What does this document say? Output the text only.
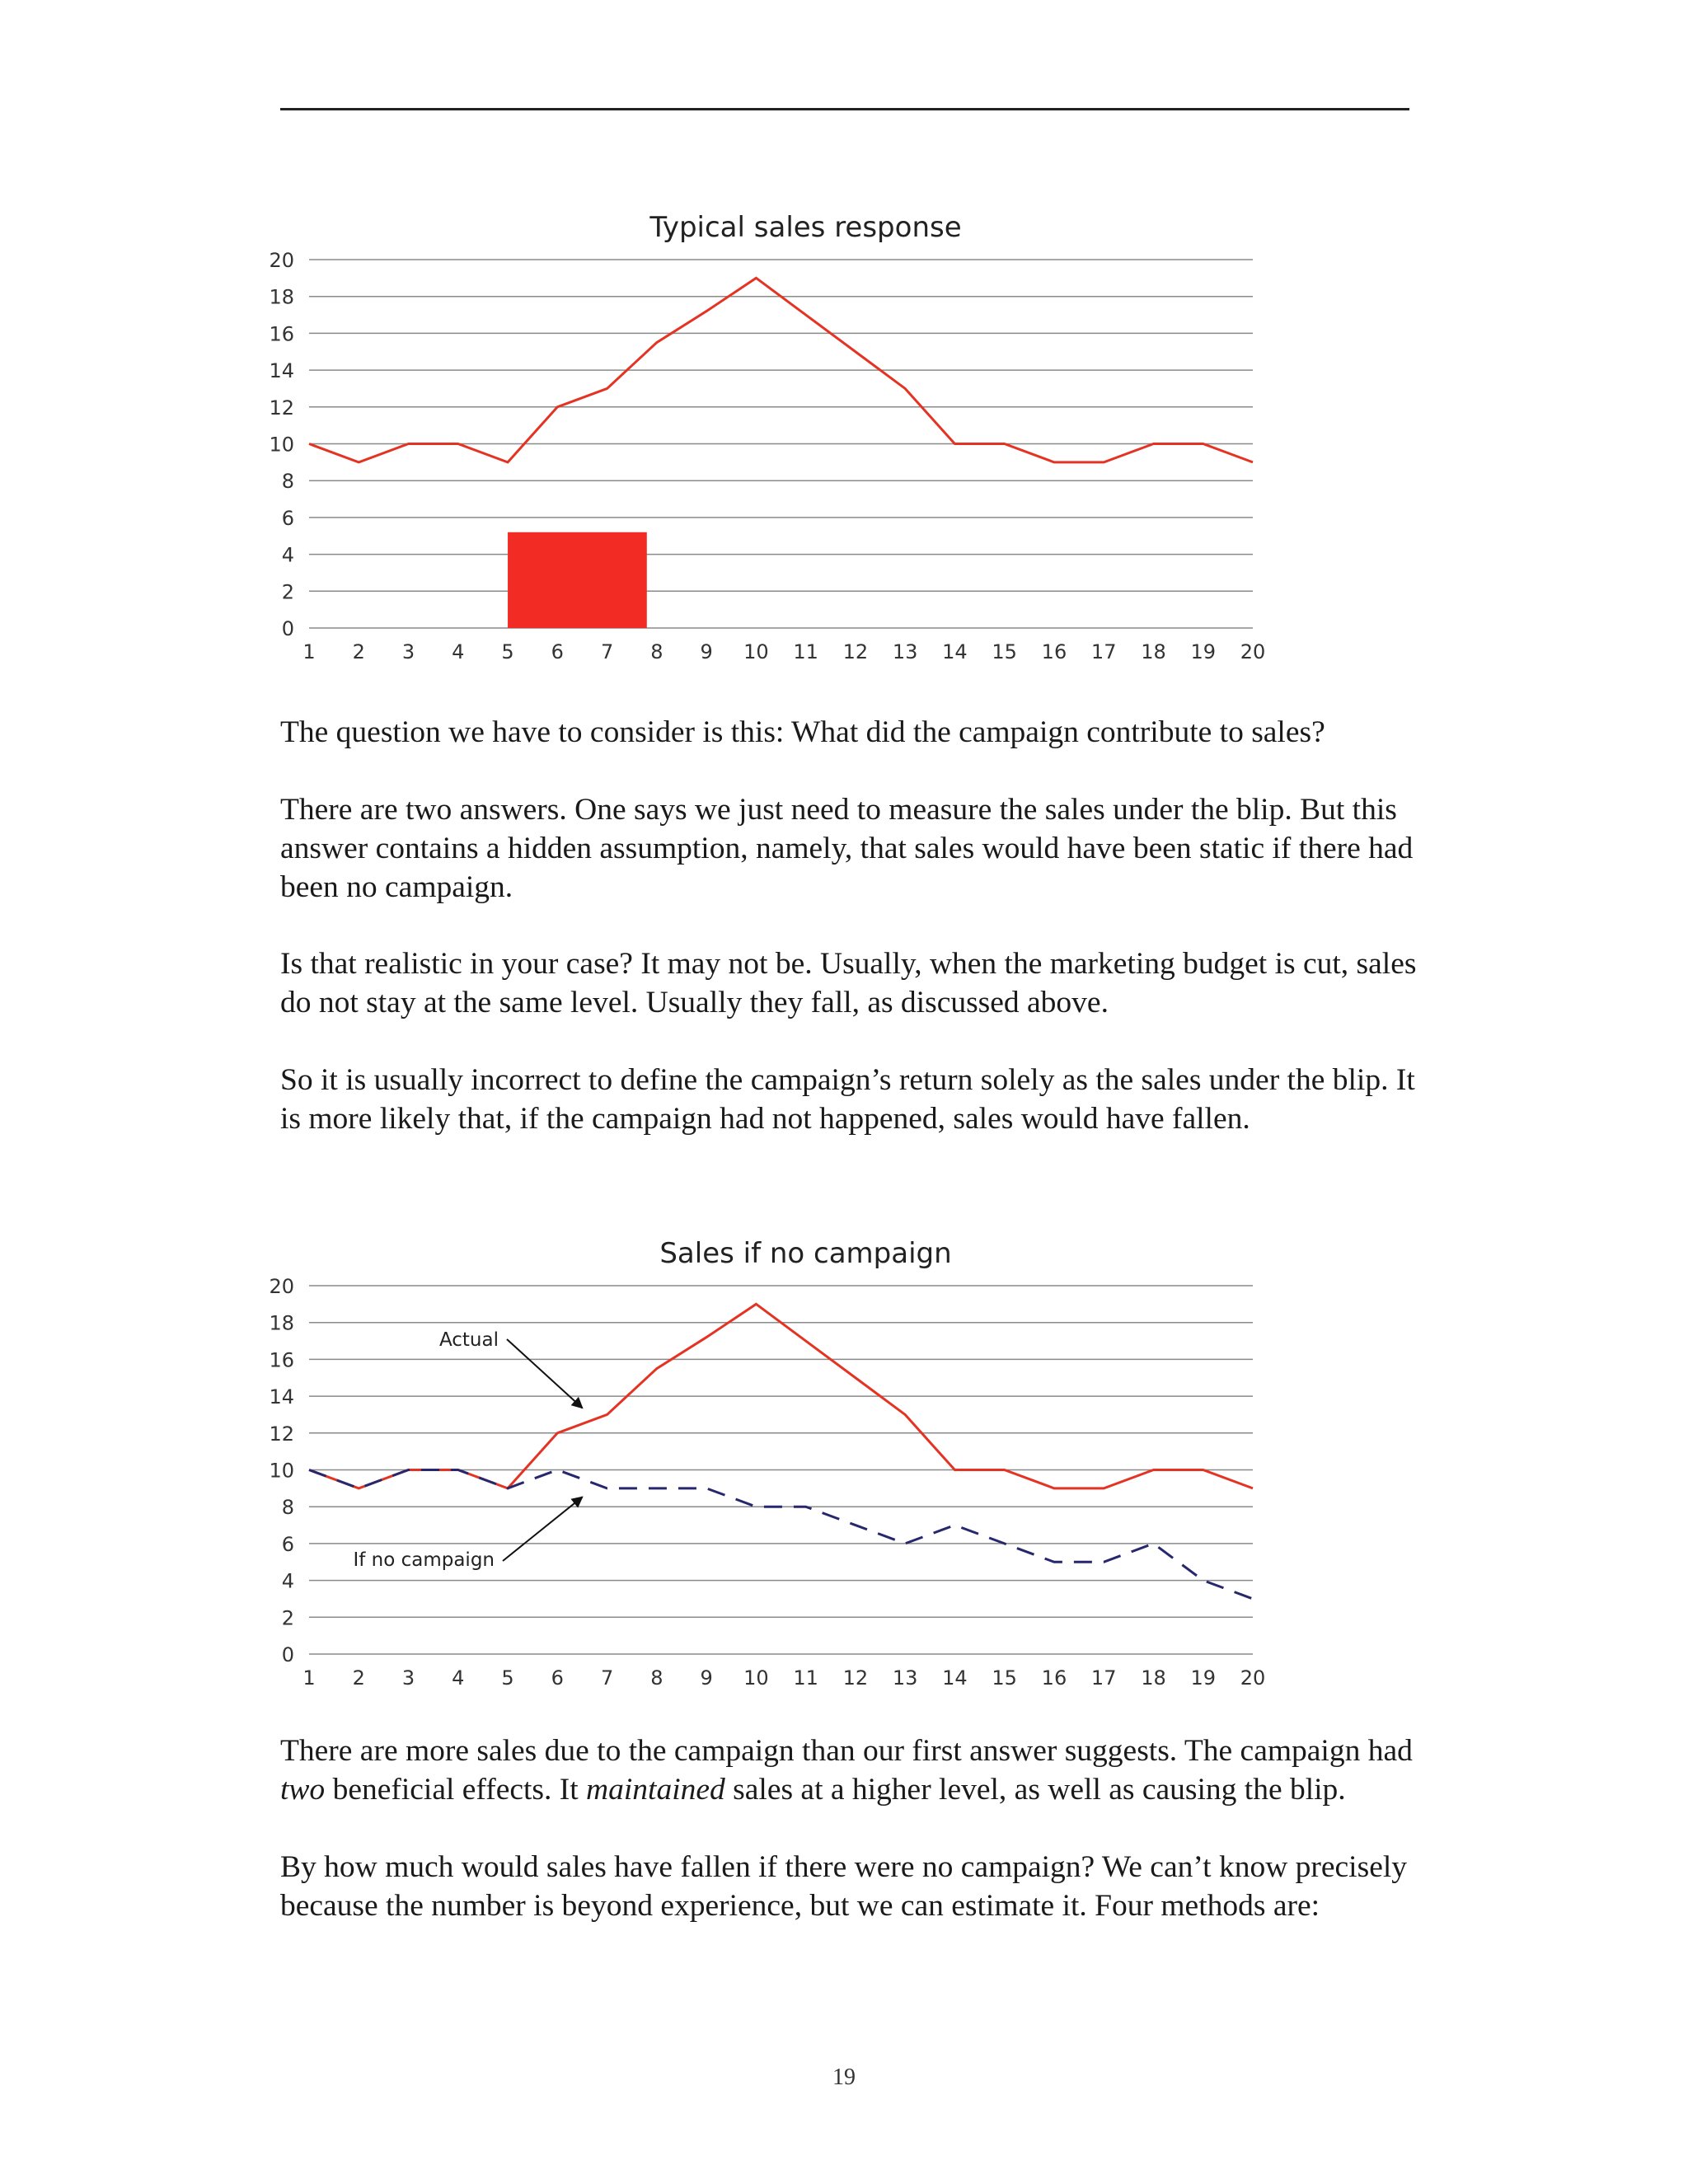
Typical sales response
0
2
4
6
8
10
12
14
16
18
20
1 2 3 4 5 6 7 8 9 10 11 12 13 14 15 16 17 18 19 20

The question we have to consider is this: What did the campaign contribute to sales?

There are two answers. One says we just need to measure the sales under the blip. But this answer contains a hidden assumption, namely, that sales would have been static if there had been no campaign.

Is that realistic in your case? It may not be. Usually, when the marketing budget is cut, sales do not stay at the same level. Usually they fall, as discussed above.

So it is usually incorrect to define the campaign’s return solely as the sales under the blip. It is more likely that, if the campaign had not happened, sales would have fallen.

Sales if no campaign
0
2
4
6
8
10
12
14
16
18
20
1 2 3 4 5 6 7 8 9 10 11 12 13 14 15 16 17 18 19 20
Actual
If no campaign

There are more sales due to the campaign than our first answer suggests. The campaign had two beneficial effects. It maintained sales at a higher level, as well as causing the blip.

By how much would sales have fallen if there were no campaign? We can’t know precisely because the number is beyond experience, but we can estimate it. Four methods are:

19
